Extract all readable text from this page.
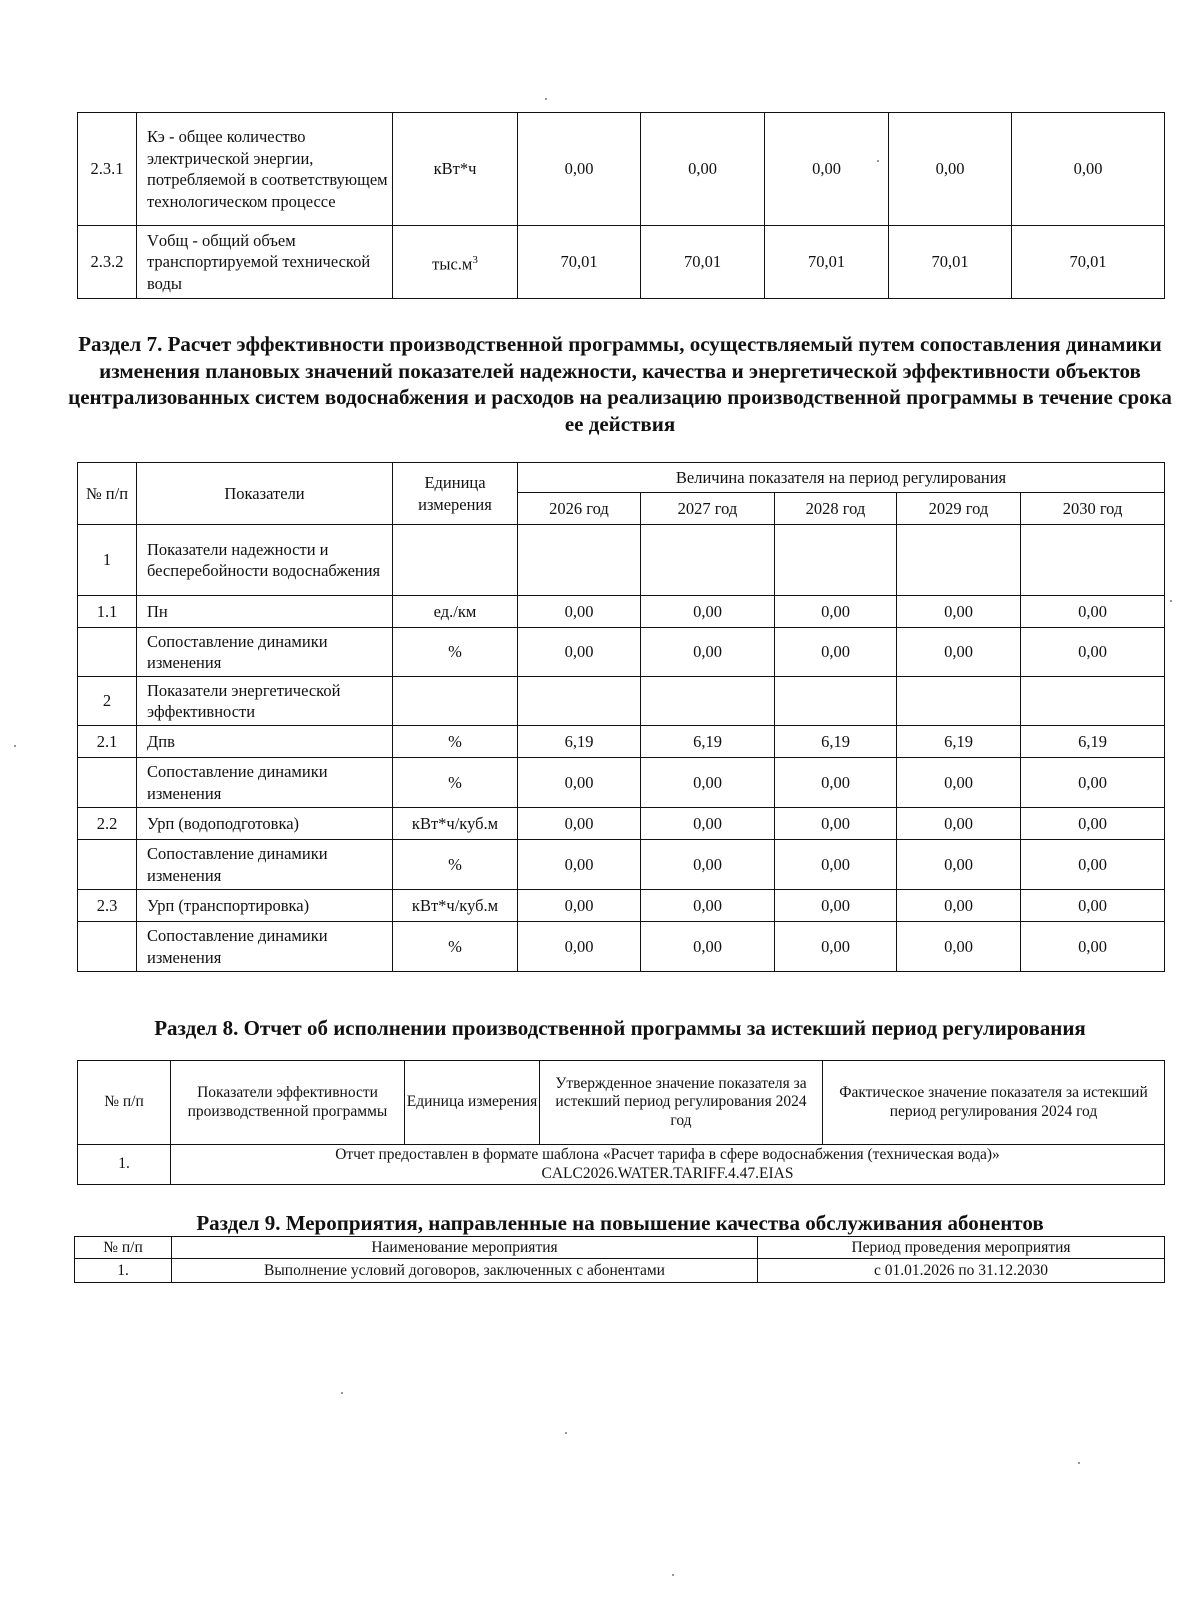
2.3.1	Кэ - общее количество электрической энергии, потребляемой в соответствующем технологическом процессе	кВт*ч	0,00	0,00	0,00	0,00	0,00
2.3.2	Vобщ - общий объем транспортируемой технической воды	$тыс.м^3$	70,01	70,01	70,01	70,01	70,01
Раздел 7. Расчет эффективности производственной программы, осуществляемый путем сопоставления динамики изменения плановых значений показателей надежности, качества и энергетической эффективности объектов централизованных систем водоснабжения и расходов на реализацию производственной программы в течение срока ее действия
№ п/п	Показатели	Единица измерения	Величина показателя на период регулирования				
			2026 год	2027 год	2028 год	2029 год	2030 год
1	Показатели надежности и бесперебойности водоснабжения						
1.1	Пн	ед./км	0,00	0,00	0,00	0,00	0,00
	Сопоставление динамики изменения	%	0,00	0,00	0,00	0,00	0,00
2	Показатели энергетической эффективности						
2.1	Дпв	%	6,19	6,19	6,19	6,19	6,19
	Сопоставление динамики изменения	%	0,00	0,00	0,00	0,00	0,00
2.2	Урп (водоподготовка)	кВт*ч/куб.м	0,00	0,00	0,00	0,00	0,00
	Сопоставление динамики изменения	%	0,00	0,00	0,00	0,00	0,00
2.3	Урп (транспортировка)	кВт*ч/куб.м	0,00	0,00	0,00	0,00	0,00
	Сопоставление динамики изменения	%	0,00	0,00	0,00	0,00	0,00
Раздел 8. Отчет об исполнении производственной программы за истекший период регулирования
№ п/п	Показатели эффективности производственной программы	Единица измерения	Утвержденное значение показателя за истекший период регулирования 2024 год	Фактическое значение показателя за истекший период регулирования 2024 год
1.	Отчет предоставлен в формате шаблона «Расчет тарифа в сфере водоснабжения (техническая вода)»
CALC2026.WATER.TARIFF.4.47.EIAS			
Раздел 9. Мероприятия, направленные на повышение качества обслуживания абонентов
№ п/п	Наименование мероприятия	Период проведения мероприятия
1.	Выполнение условий договоров, заключенных с абонентами	с 01.01.2026 по 31.12.2030
